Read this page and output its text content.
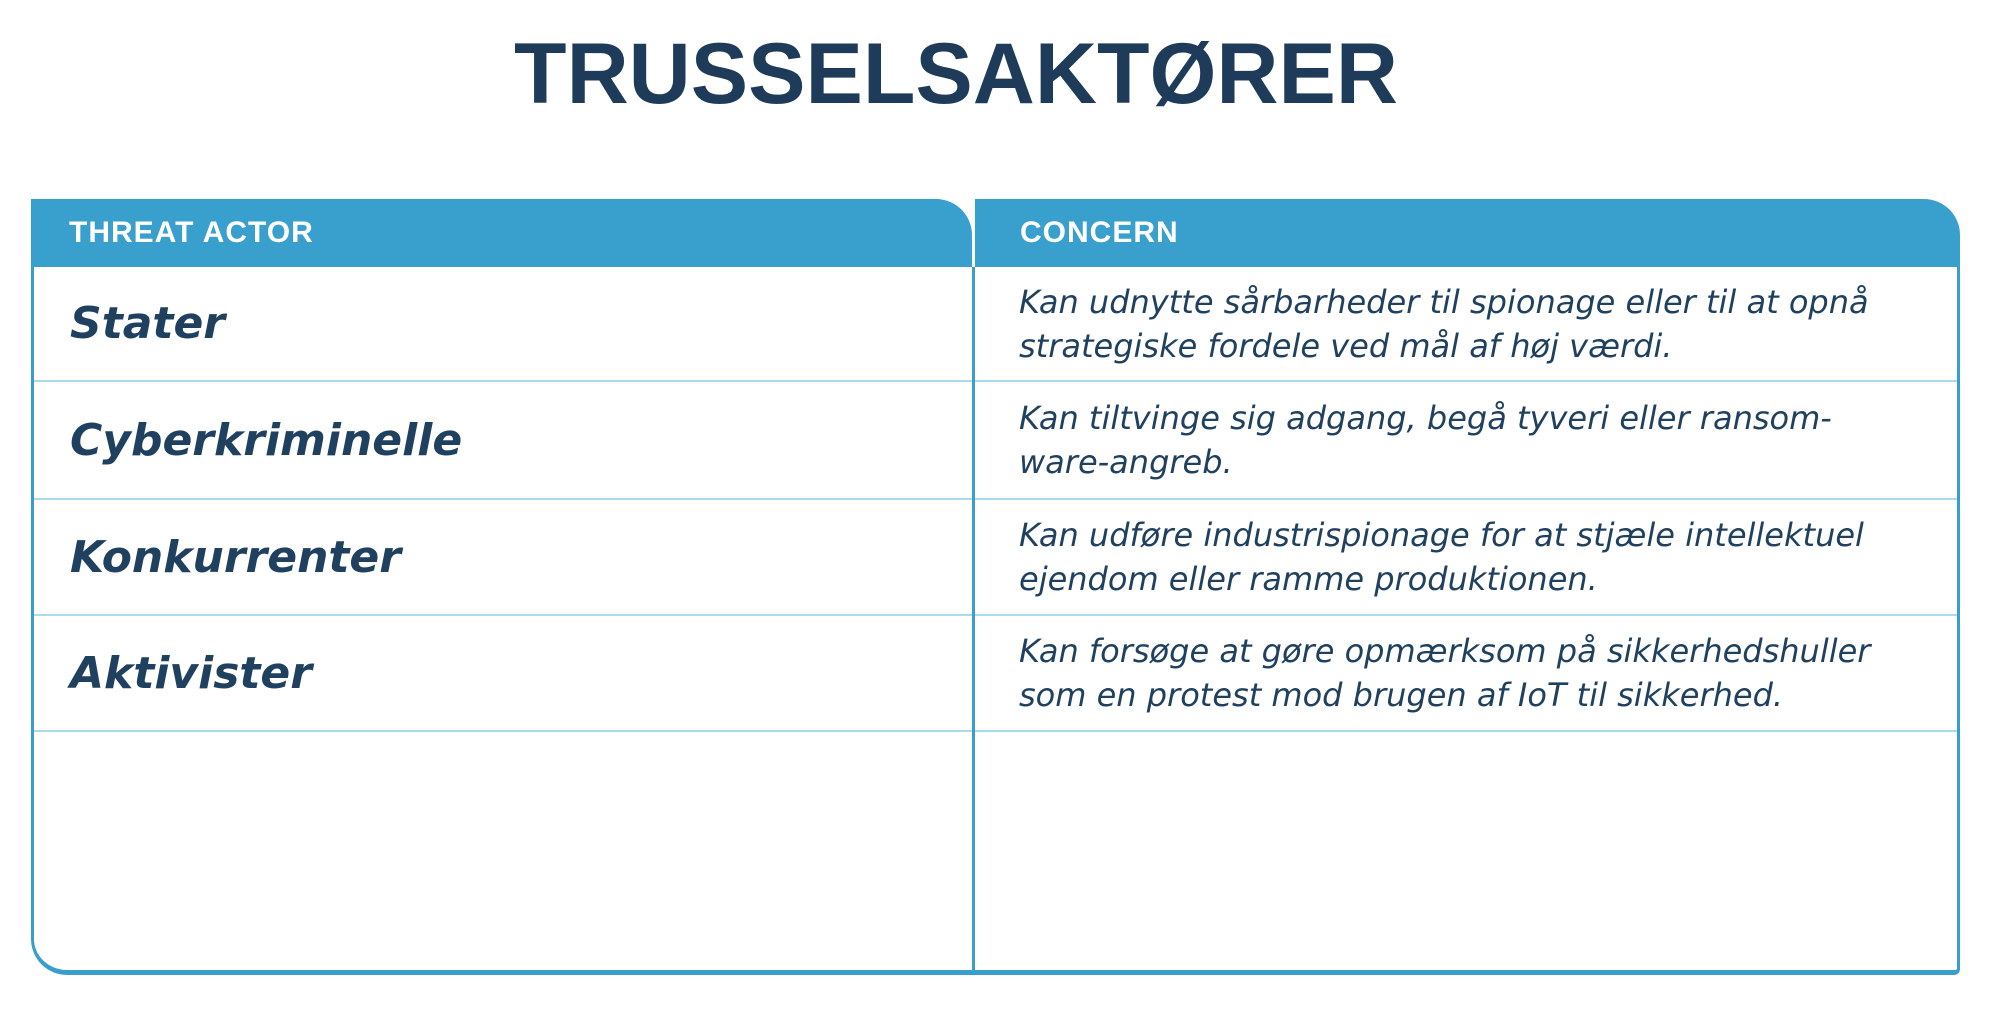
TRUSSELSAKTØRER
THREAT ACTOR	CONCERN
Stater	Kan udnytte sårbarheder til spionage eller til at opnå
strategiske fordele ved mål af høj værdi.
Cyberkriminelle	Kan tiltvinge sig adgang, begå tyveri eller ransom-
ware-angreb.
Konkurrenter	Kan udføre industrispionage for at stjæle intellektuel
ejendom eller ramme produktionen.
Aktivister	Kan forsøge at gøre opmærksom på sikkerhedshuller
som en protest mod brugen af IoT til sikkerhed.
